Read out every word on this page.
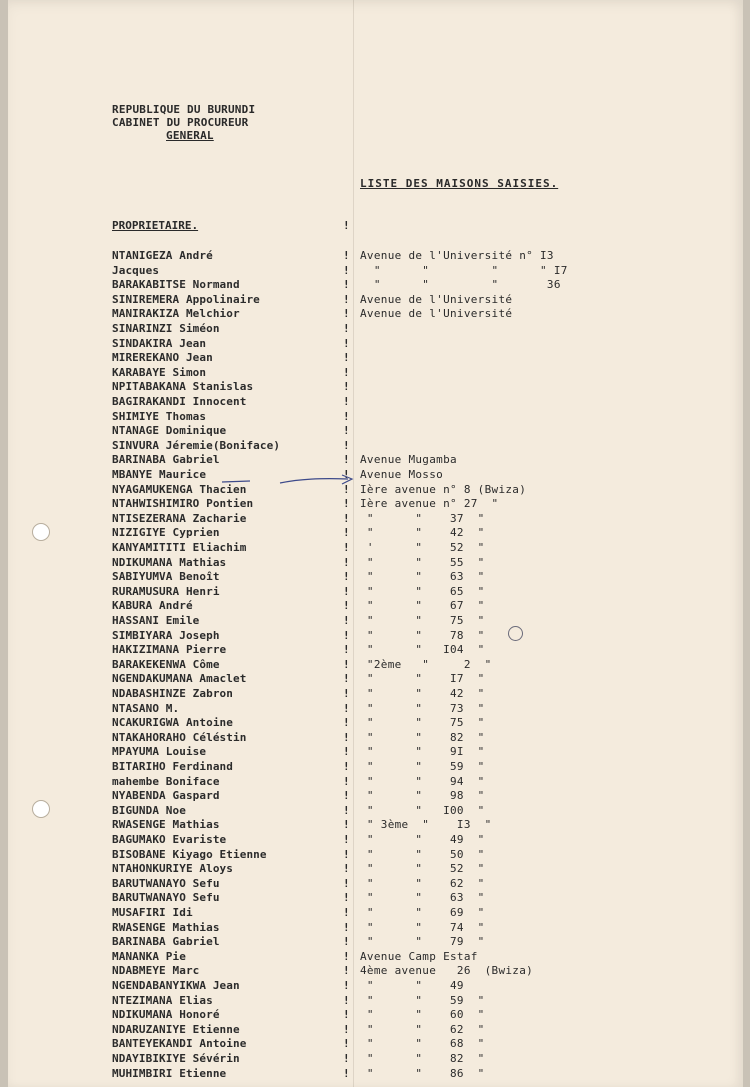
REPUBLIQUE DU BURUNDI
CABINET DU PROCUREUR
GENERAL
LISTE DES MAISONS SAISIES.
PROPRIETAIRE.	!
NTANIGEZA André	! Avenue de l'Université n° I3
Jacques	! "      "         "      " I7
BARAKABITSE Normand	! "      "         "       36
SINIREMERA Appolinaire	! Avenue de l'Université
MANIRAKIZA Melchior	! Avenue de l'Université
SINARINZI Siméon	!
SINDAKIRA Jean	!
MIREREKANO Jean	!
KARABAYE Simon	!
NPITABAKANA Stanislas	!
BAGIRAKANDI Innocent	!
SHIMIYE Thomas	!
NTANAGE Dominique	!
SINVURA Jéremie(Boniface)	!
BARINABA Gabriel	! Avenue Mugamba
MBANYE Maurice	! Avenue Mosso
NYAGAMUKENGA Thacien	! Ière avenue n° 8 (Bwiza)
NTAHWISHIMIRO Pontien	! Ière avenue n° 27  "
NTISEZERANA Zacharie	! "      "    37  "
NIZIGIYE Cyprien	! "      "    42  "
KANYAMITITI Eliachim	! '      "    52  "
NDIKUMANA Mathias	! "      "    55  "
SABIYUMVA Benoît	! "      "    63  "
RURAMUSURA Henri	! "      "    65  "
KABURA André	! "      "    67  "
HASSANI Emile	! "      "    75  "
SIMBIYARA Joseph	! "      "    78  "
HAKIZIMANA Pierre	! "      "   I04  "
BARAKEKENWA Côme	! "2ème   "     2  "
NGENDAKUMANA Amaclet	! "      "    I7  "
NDABASHINZE Zabron	! "      "    42  "
NTASANO M.	! "      "    73  "
NCAKURIGWA Antoine	! "      "    75  "
NTAKAHORAHO Céléstin	! "      "    82  "
MPAYUMA Louise	! "      "    9I  "
BITARIHO Ferdinand	! "      "    59  "
mahembe Boniface	! "      "    94  "
NYABENDA Gaspard	! "      "    98  "
BIGUNDA Noe	! "      "   I00  "
RWASENGE Mathias	! " 3ème  "    I3  "
BAGUMAKO Evariste	! "      "    49  "
BISOBANE Kiyago Etienne	! "      "    50  "
NTAHONKURIYE Aloys	! "      "    52  "
BARUTWANAYO Sefu	! "      "    62  "
BARUTWANAYO Sefu	! "      "    63  "
MUSAFIRI Idi	! "      "    69  "
RWASENGE Mathias	! "      "    74  "
BARINABA Gabriel	! "      "    79  "
MANANKA Pie	! Avenue Camp Estaf
NDABMEYE Marc	! 4ème avenue   26  (Bwiza)
NGENDABANYIKWA Jean	! "      "    49
NTEZIMANA Elias	! "      "    59  "
NDIKUMANA Honoré	! "      "    60  "
NDARUZANIYE Etienne	! "      "    62  "
BANTEYEKANDI Antoine	! "      "    68  "
NDAYIBIKIYE Sévérin	! "      "    82  "
MUHIMBIRI Etienne	! "      "    86  "
